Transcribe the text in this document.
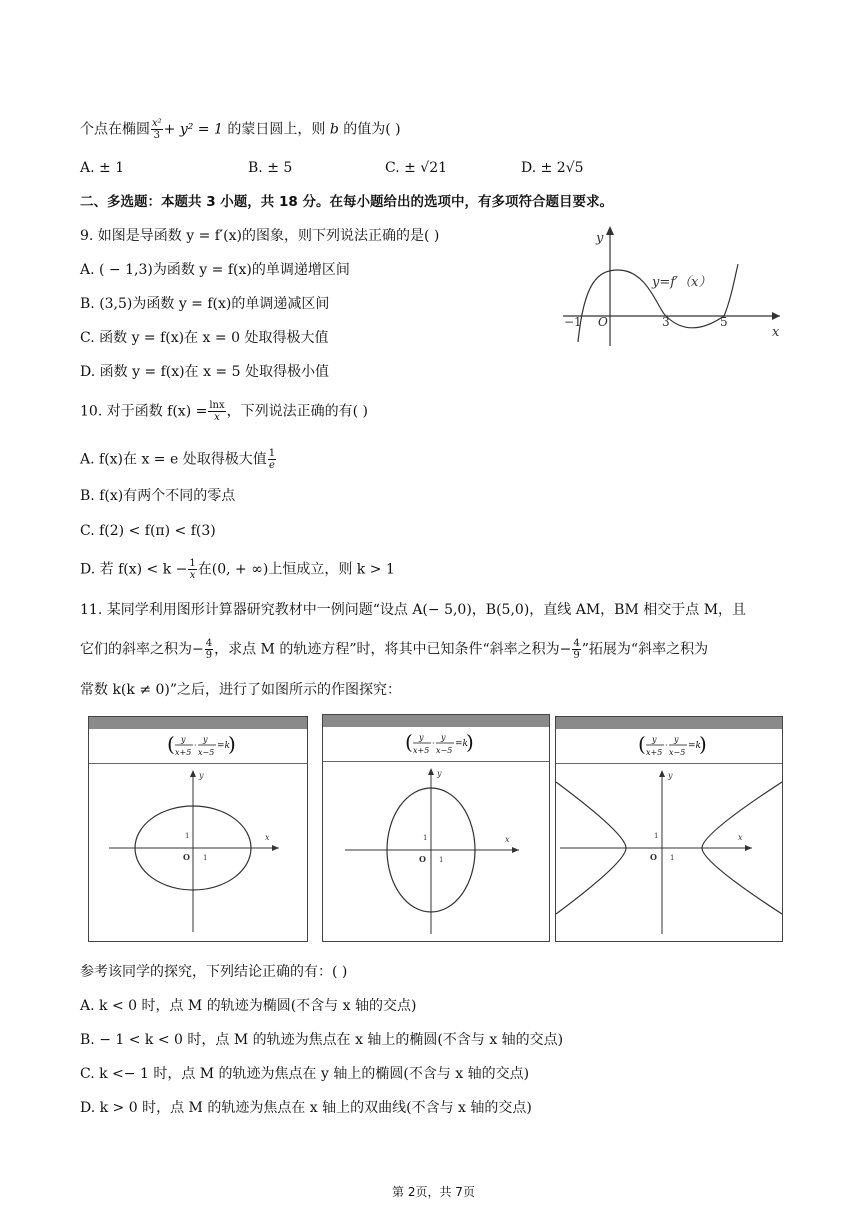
个点在椭圆 $\frac{\text{x²}}{3} + y^2 = 1$ 的蒙日圆上，则 b 的值为( )
A. ± 1	B. ± 5	C. ± √21	D. ± 2√5
二、多选题：本题共 3 小题，共 18 分。在每小题给出的选项中，有多项符合题目要求。
9. 如图是导函数 y = f′(x)的图象，则下列说法正确的是( )
A. ( − 1,3)为函数 y = f(x)的单调递增区间
B. (3,5)为函数 y = f(x)的单调递减区间
C. 函数 y = f(x)在 x = 0 处取得极大值
D. 函数 y = f(x)在 x = 5 处取得极小值
y
x
y=f′（x）
−1 O	3	5
10. 对于函数 $f(x) = \frac{\ln x}{x}$ ，下列说法正确的有( )
A. f(x)在 x = e 处取得极大值 $\frac{1}{e}$
B. f(x)有两个不同的零点
C. f(2) < f(π) < f(3)
D. 若 $f(x) < k - \frac{1}{x}$ 在(0, + ∞)上恒成立，则 k > 1
11. 某同学利用图形计算器研究教材中一例问题“设点 A(− 5,0)，B(5,0)，直线 AM，BM 相交于点 M，且
它们的斜率之积为− $\frac{4}{9}$ ，求点 M 的轨迹方程”时，将其中已知条件“斜率之积为− $\frac{4}{9}$ ”拓展为“斜率之积为
常数 k(k ≠ 0)”之后，进行了如图所示的作图探究：
( y
x+5
·
y
x−5
=k
)
y
x
O
1
1
( y
x+5
·
y
x−5
=k
)
y
x
O
1
1
( y
x+5
·
y
x−5
=k
)
y
x
O
1
1
参考该同学的探究，下列结论正确的有：( )
A. k < 0 时，点 M 的轨迹为椭圆(不含与 x 轴的交点)
B. − 1 < k < 0 时，点 M 的轨迹为焦点在 x 轴上的椭圆(不含与 x 轴的交点)
C. k <− 1 时，点 M 的轨迹为焦点在 y 轴上的椭圆(不含与 x 轴的交点)
D. k > 0 时，点 M 的轨迹为焦点在 x 轴上的双曲线(不含与 x 轴的交点)
第 2页，共 7页
